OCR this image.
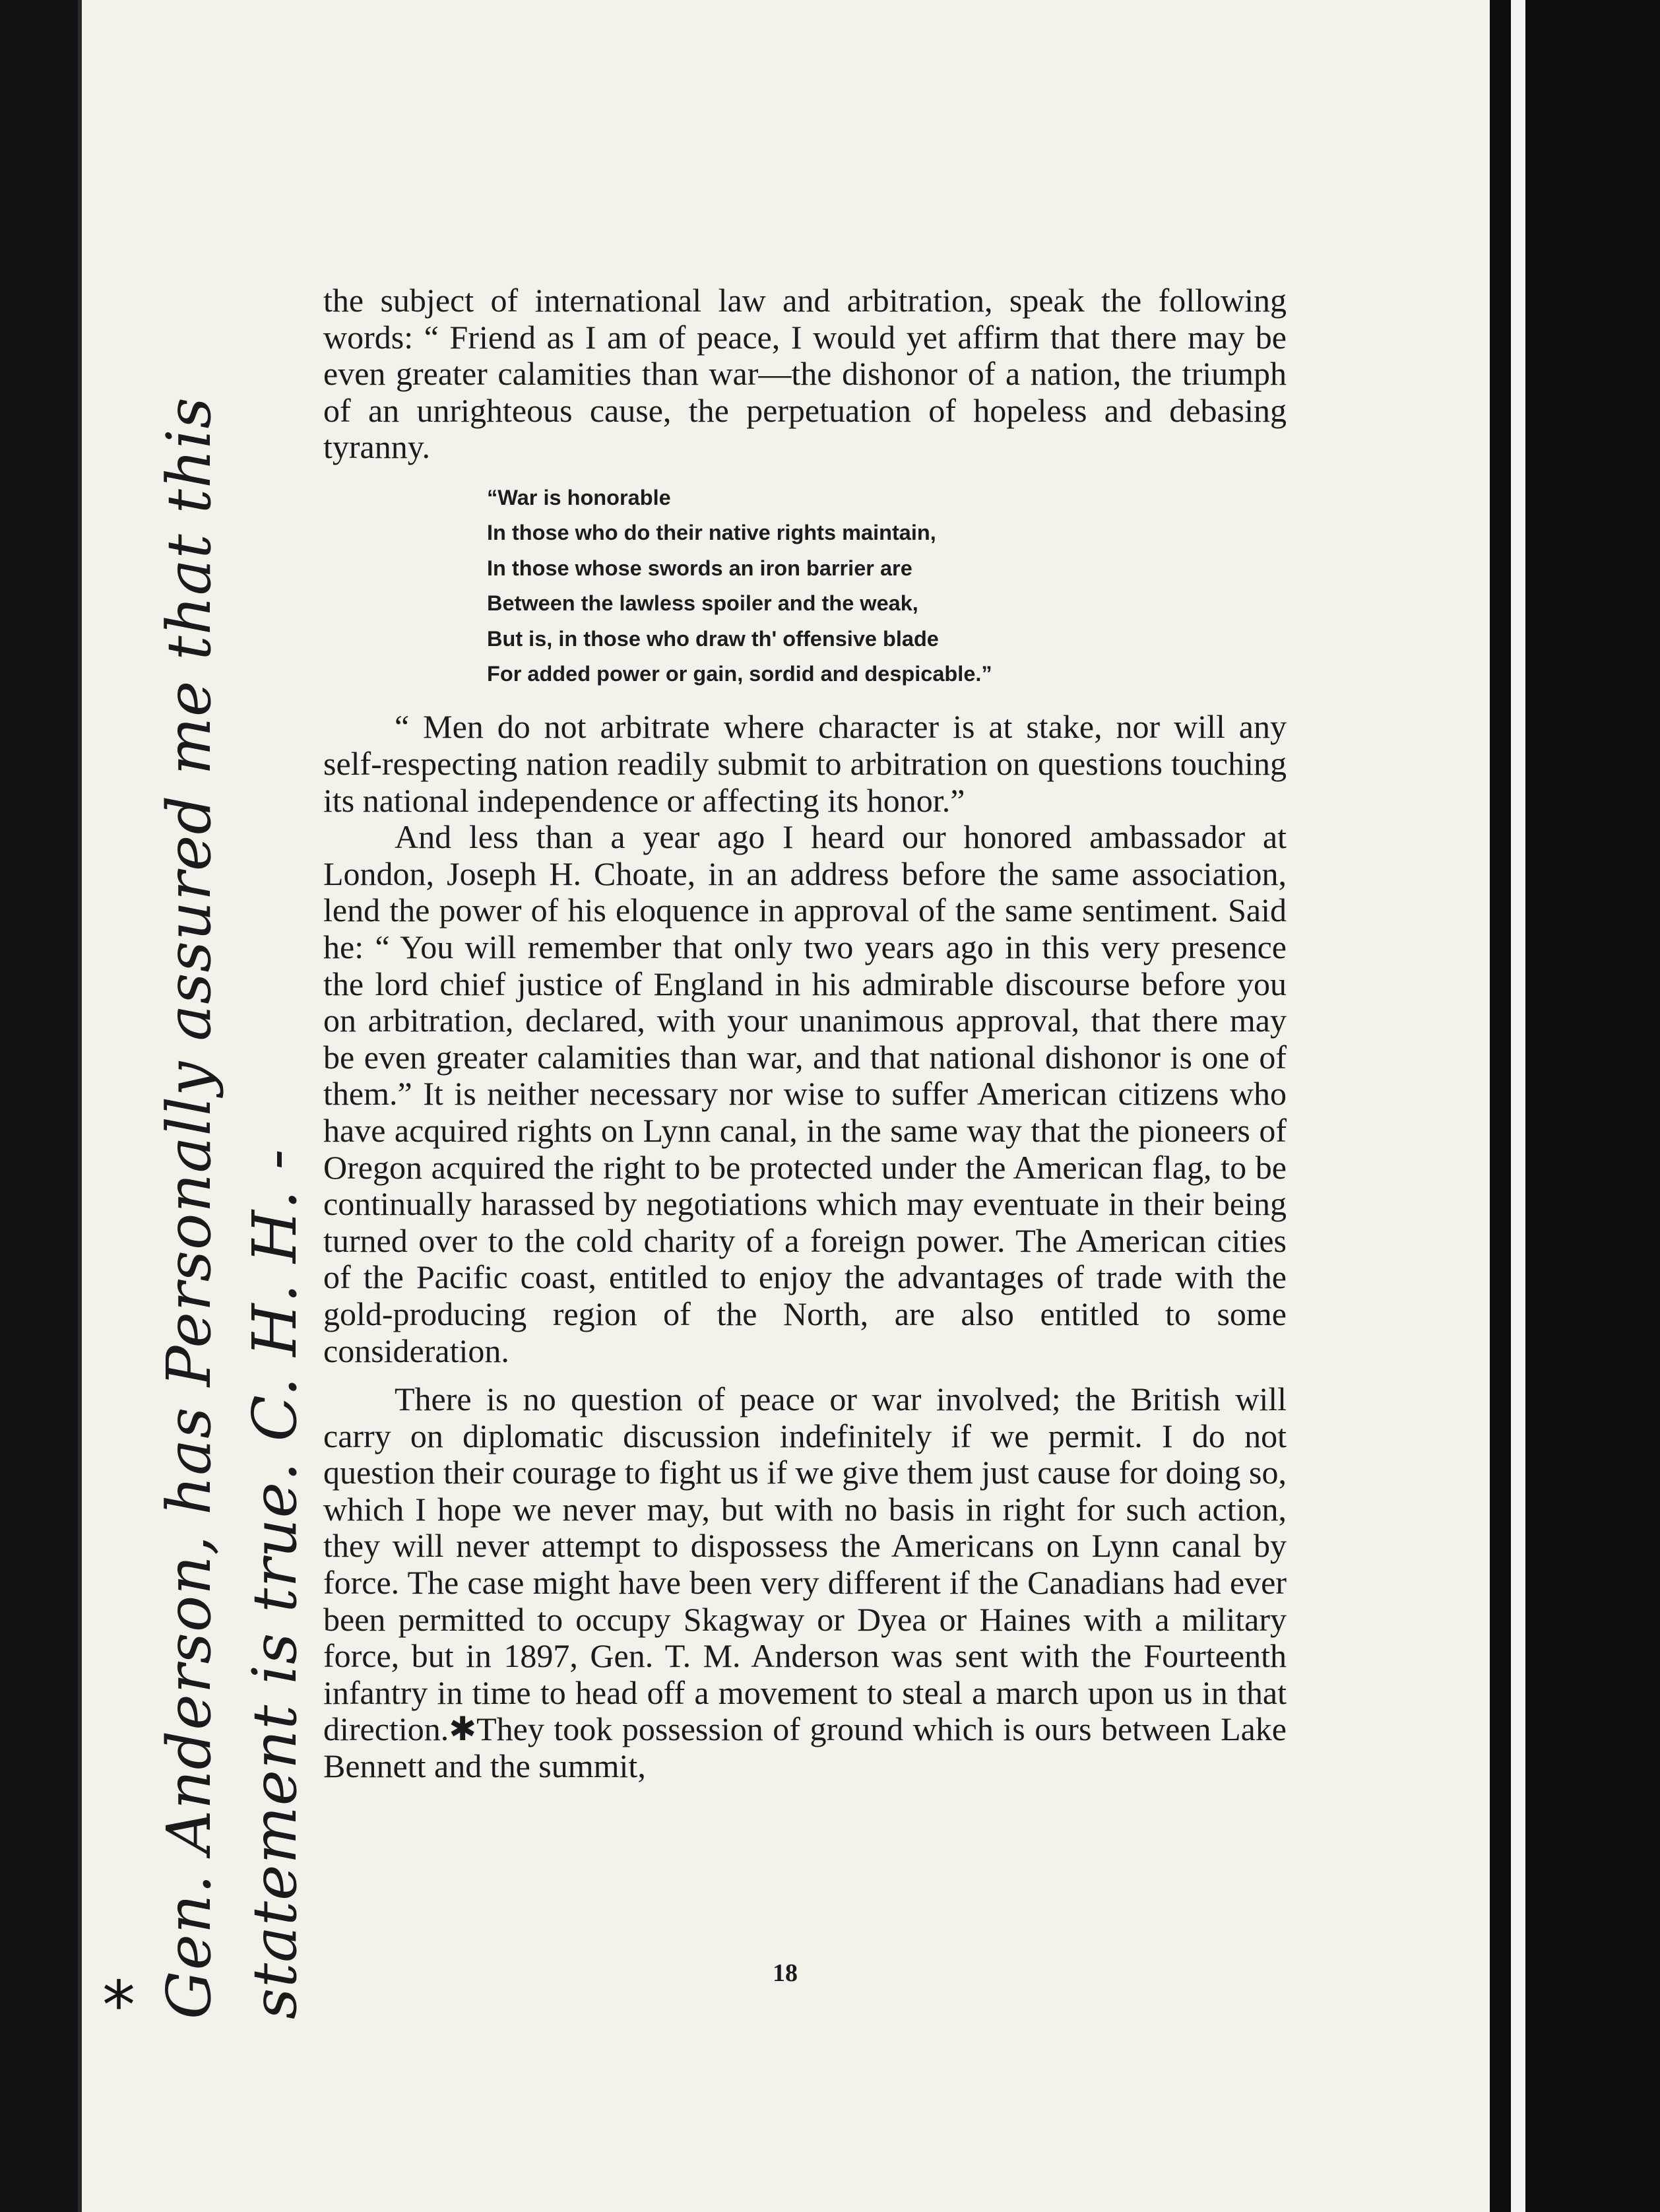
Gen. Anderson, has Personally assured me that this statement is true. C. H. H. -
*

the subject of international law and arbitration, speak the following words: “ Friend as I am of peace, I would yet affirm that there may be even greater calamities than war—the dishonor of a nation, the triumph of an unrighteous cause, the perpetuation of hopeless and debasing tyranny.

“War is honorable
In those who do their native rights maintain,
In those whose swords an iron barrier are
Between the lawless spoiler and the weak,
But is, in those who draw th' offensive blade
For added power or gain, sordid and despicable.”

“ Men do not arbitrate where character is at stake, nor will any self-respecting nation readily submit to arbitration on questions touching its national independence or affecting its honor.”

And less than a year ago I heard our honored ambassador at London, Joseph H. Choate, in an address before the same association, lend the power of his eloquence in approval of the same sentiment. Said he: “ You will remember that only two years ago in this very presence the lord chief justice of England in his admirable discourse before you on arbitration, declared, with your unanimous approval, that there may be even greater calamities than war, and that national dishonor is one of them.” It is neither necessary nor wise to suffer American citizens who have acquired rights on Lynn canal, in the same way that the pioneers of Oregon acquired the right to be protected under the American flag, to be continually harassed by negotiations which may eventuate in their being turned over to the cold charity of a foreign power. The American cities of the Pacific coast, entitled to enjoy the advantages of trade with the gold-producing region of the North, are also entitled to some consideration.

There is no question of peace or war involved; the British will carry on diplomatic discussion indefinitely if we permit. I do not question their courage to fight us if we give them just cause for doing so, which I hope we never may, but with no basis in right for such action, they will never attempt to dispossess the Americans on Lynn canal by force. The case might have been very different if the Canadians had ever been permitted to occupy Skagway or Dyea or Haines with a military force, but in 1897, Gen. T. M. Anderson was sent with the Fourteenth infantry in time to head off a movement to steal a march upon us in that direction.✱They took possession of ground which is ours between Lake Bennett and the summit,

18
